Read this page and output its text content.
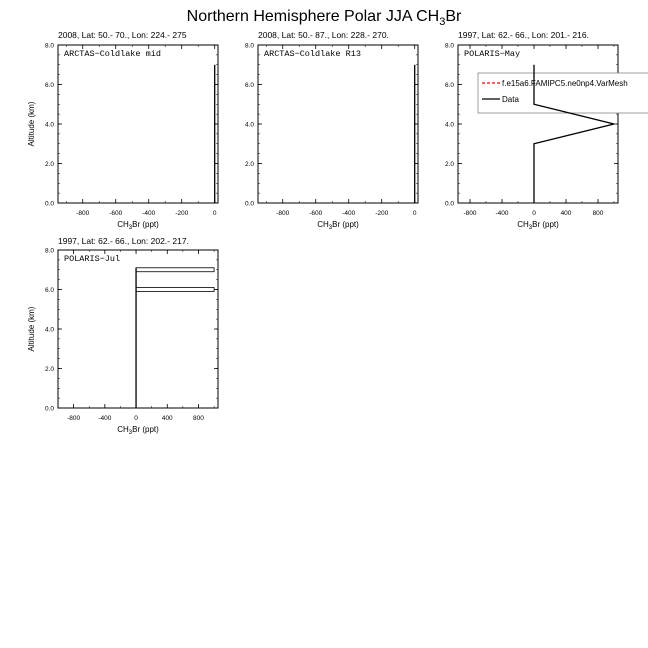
Northern Hemisphere Polar JJA $CH_3Br$
2008, Lat: 50.- 70., Lon: 224.- 275	2008, Lat: 50.- 87., Lon: 228.- 270.	1997, Lat: 62.- 66., Lon: 201.- 216.
1997, Lat: 62.- 66., Lon: 202.- 217.
0.0
2.0
4.0
6.0
8.0
-800	-600	-400	-200	0
$CH_3Br$ (ppt)
Altitude (km)
ARCTAS−Coldlake mid
0.0
2.0
4.0
6.0
8.0
-800	-600	-400	-200	0
$CH_3Br$ (ppt)
ARCTAS−Coldlake R13
0.0
2.0
4.0
6.0
8.0
-800	-400	0	400	800
$CH_3Br$ (ppt)
POLARIS−May
f.e15a6.FAMIPC5.ne0np4.VarMesh
Data
0.0
2.0
4.0
6.0
8.0
-800	-400	0	400	800
$CH_3Br$ (ppt)
Altitude (km)
POLARIS−Jul
